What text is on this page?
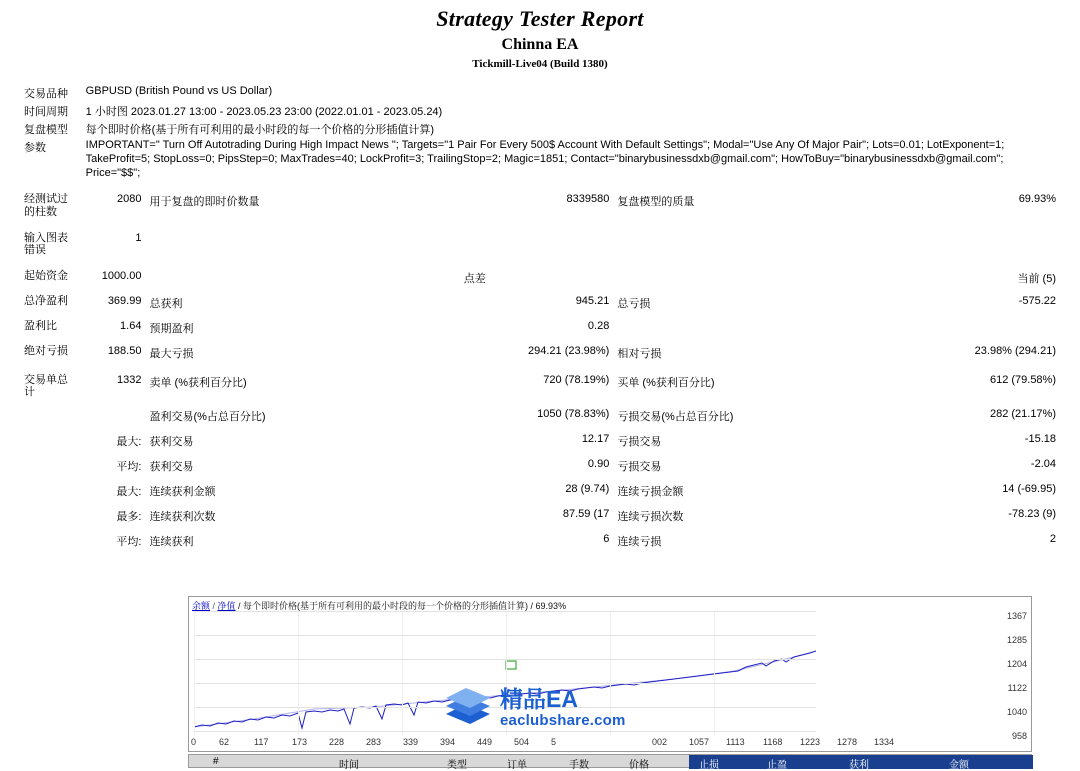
Strategy Tester Report
Chinna EA
Tickmill-Live04 (Build 1380)
交易品种	GBPUSD (British Pound vs US Dollar)				
时间周期	1 小时图 2023.01.27 13:00 - 2023.05.23 23:00 (2022.01.01 - 2023.05.24)				
复盘模型	每个即时价格(基于所有可利用的最小时段的每一个价格的分形插值计算)				
参数	IMPORTANT=" Turn Off Autotrading During High Impact News "; Targets="1 Pair For Every 500$ Account With Default Settings"; Modal="Use Any Of Major Pair"; Lots=0.01; LotExponent=1; TakeProfit=5; StopLoss=0; PipsStep=0; MaxTrades=40; LockProfit=3; TrailingStop=2; Magic=1851; Contact="binarybusinessdxb@gmail.com"; HowToBuy="binarybusinessdxb@gmail.com"; Price="$$";				

经测试过的柱数	2080	用于复盘的即时价数量	8339580	复盘模型的质量	69.93%

输入图表错误	1				

起始资金	1000.00	点差			当前 (5)

总净盈利	369.99	总获利	945.21	总亏损	-575.22

盈利比	1.64	预期盈利	0.28		

绝对亏损	188.50	最大亏损	294.21 (23.98%)	相对亏损	23.98% (294.21)

交易单总计	1332	卖单 (%获利百分比)	720 (78.19%)	买单 (%获利百分比)	612 (79.58%)

		盈利交易(%占总百分比)	1050 (78.83%)	亏损交易(%占总百分比)	282 (21.17%)

	最大:	获利交易	12.17	亏损交易	-15.18

	平均:	获利交易	0.90	亏损交易	-2.04

	最大:	连续获利金额	28 (9.74)	连续亏损金额	14 (-69.95)

	最多:	连续获利次数	87.59 (17	连续亏损次数	-78.23 (9)

	平均:	连续获利	6	连续亏损	2
余额 / 净值 / 每个即时价格(基于所有可利用的最小时段的每一个价格的分形插值计算) / 69.93%
1367
1285
1204
1122
1040
958
0	62	117	173 228 283 339 394 449 504 5	002 1057 1113 1168 1223 1278 1334
精品EA
eaclubshare.com
#	时间	类型	订单	手数	价格	止损	止盈	获利	金额
